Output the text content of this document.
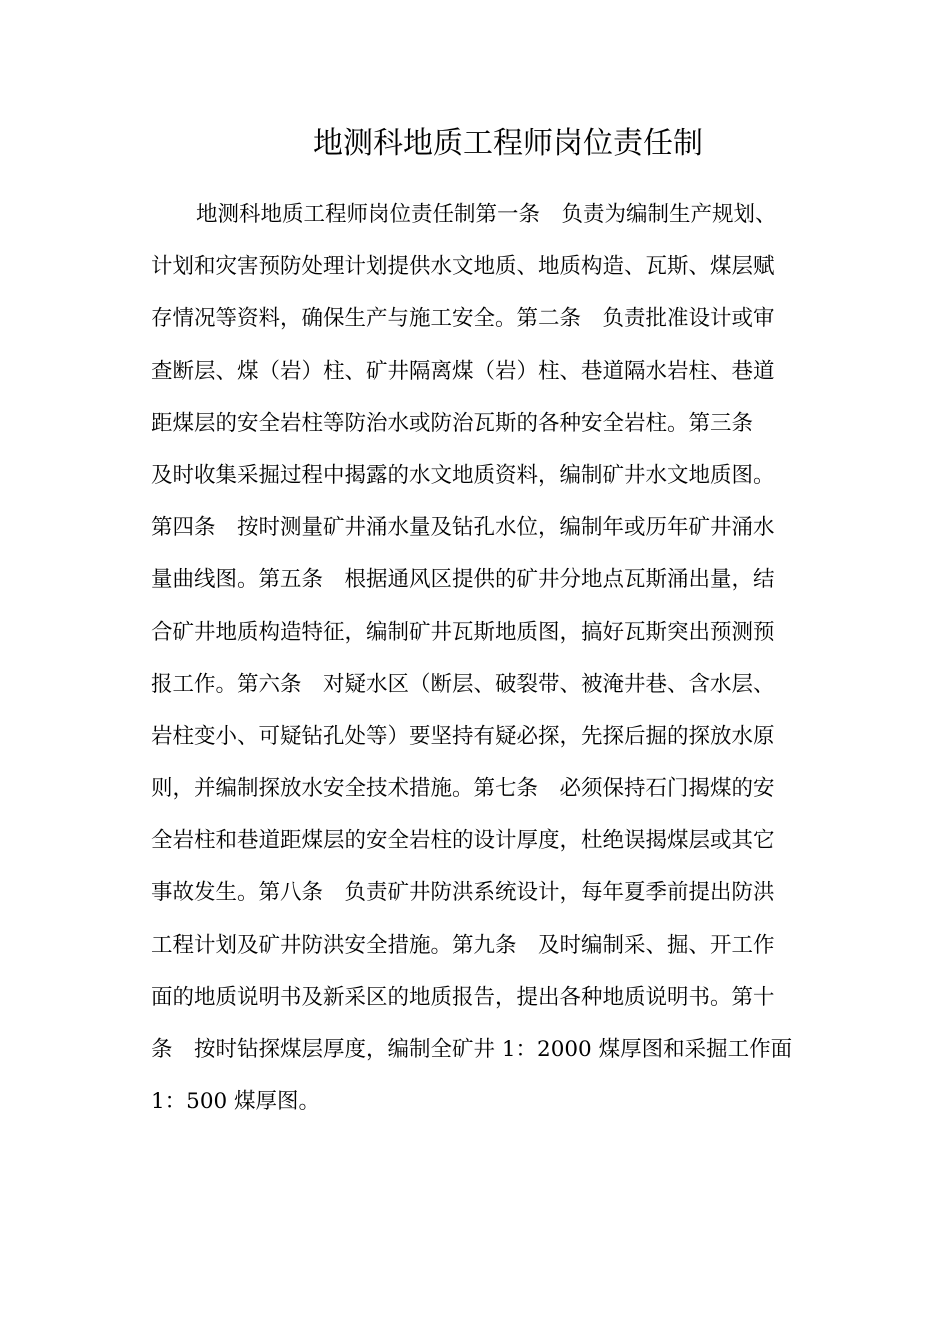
地测科地质工程师岗位责任制
地测科地质工程师岗位责任制第一条　负责为编制生产规划、
计划和灾害预防处理计划提供水文地质、地质构造、瓦斯、煤层赋
存情况等资料，确保生产与施工安全。第二条　负责批准设计或审
查断层、煤（岩）柱、矿井隔离煤（岩）柱、巷道隔水岩柱、巷道
距煤层的安全岩柱等防治水或防治瓦斯的各种安全岩柱。第三条
及时收集采掘过程中揭露的水文地质资料，编制矿井水文地质图。
第四条　按时测量矿井涌水量及钻孔水位，编制年或历年矿井涌水
量曲线图。第五条　根据通风区提供的矿井分地点瓦斯涌出量，结
合矿井地质构造特征，编制矿井瓦斯地质图，搞好瓦斯突出预测预
报工作。第六条　对疑水区（断层、破裂带、被淹井巷、含水层、
岩柱变小、可疑钻孔处等）要坚持有疑必探，先探后掘的探放水原
则，并编制探放水安全技术措施。第七条　必须保持石门揭煤的安
全岩柱和巷道距煤层的安全岩柱的设计厚度，杜绝误揭煤层或其它
事故发生。第八条　负责矿井防洪系统设计，每年夏季前提出防洪
工程计划及矿井防洪安全措施。第九条　及时编制采、掘、开工作
面的地质说明书及新采区的地质报告，提出各种地质说明书。第十
条　按时钻探煤层厚度，编制全矿井 1：2000 煤厚图和采掘工作面
1：500 煤厚图。
